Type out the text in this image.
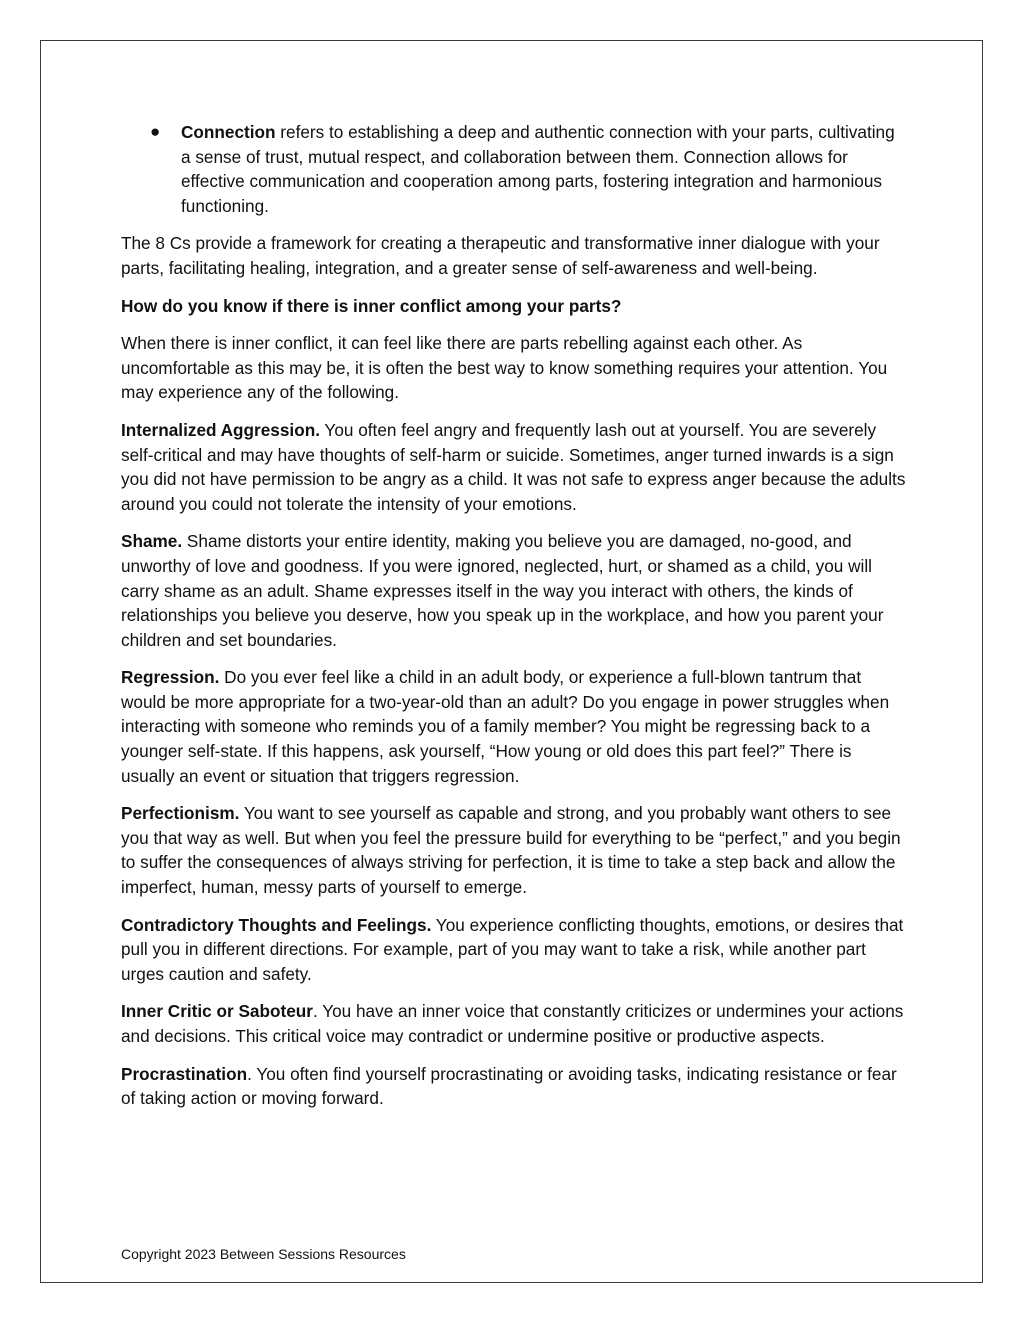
● Connection refers to establishing a deep and authentic connection with your parts, cultivating a sense of trust, mutual respect, and collaboration between them. Connection allows for effective communication and cooperation among parts, fostering integration and harmonious functioning.

The 8 Cs provide a framework for creating a therapeutic and transformative inner dialogue with your parts, facilitating healing, integration, and a greater sense of self-awareness and well-being.

How do you know if there is inner conflict among your parts?

When there is inner conflict, it can feel like there are parts rebelling against each other. As uncomfortable as this may be, it is often the best way to know something requires your attention. You may experience any of the following.

Internalized Aggression. You often feel angry and frequently lash out at yourself. You are severely self-critical and may have thoughts of self-harm or suicide. Sometimes, anger turned inwards is a sign you did not have permission to be angry as a child. It was not safe to express anger because the adults around you could not tolerate the intensity of your emotions.

Shame. Shame distorts your entire identity, making you believe you are damaged, no-good, and unworthy of love and goodness. If you were ignored, neglected, hurt, or shamed as a child, you will carry shame as an adult. Shame expresses itself in the way you interact with others, the kinds of relationships you believe you deserve, how you speak up in the workplace, and how you parent your children and set boundaries.

Regression. Do you ever feel like a child in an adult body, or experience a full-blown tantrum that would be more appropriate for a two-year-old than an adult? Do you engage in power struggles when interacting with someone who reminds you of a family member? You might be regressing back to a younger self-state. If this happens, ask yourself, “How young or old does this part feel?” There is usually an event or situation that triggers regression.

Perfectionism. You want to see yourself as capable and strong, and you probably want others to see you that way as well. But when you feel the pressure build for everything to be “perfect,” and you begin to suffer the consequences of always striving for perfection, it is time to take a step back and allow the imperfect, human, messy parts of yourself to emerge.

Contradictory Thoughts and Feelings. You experience conflicting thoughts, emotions, or desires that pull you in different directions. For example, part of you may want to take a risk, while another part urges caution and safety.

Inner Critic or Saboteur. You have an inner voice that constantly criticizes or undermines your actions and decisions. This critical voice may contradict or undermine positive or productive aspects.

Procrastination. You often find yourself procrastinating or avoiding tasks, indicating resistance or fear of taking action or moving forward.

Copyright 2023 Between Sessions Resources
